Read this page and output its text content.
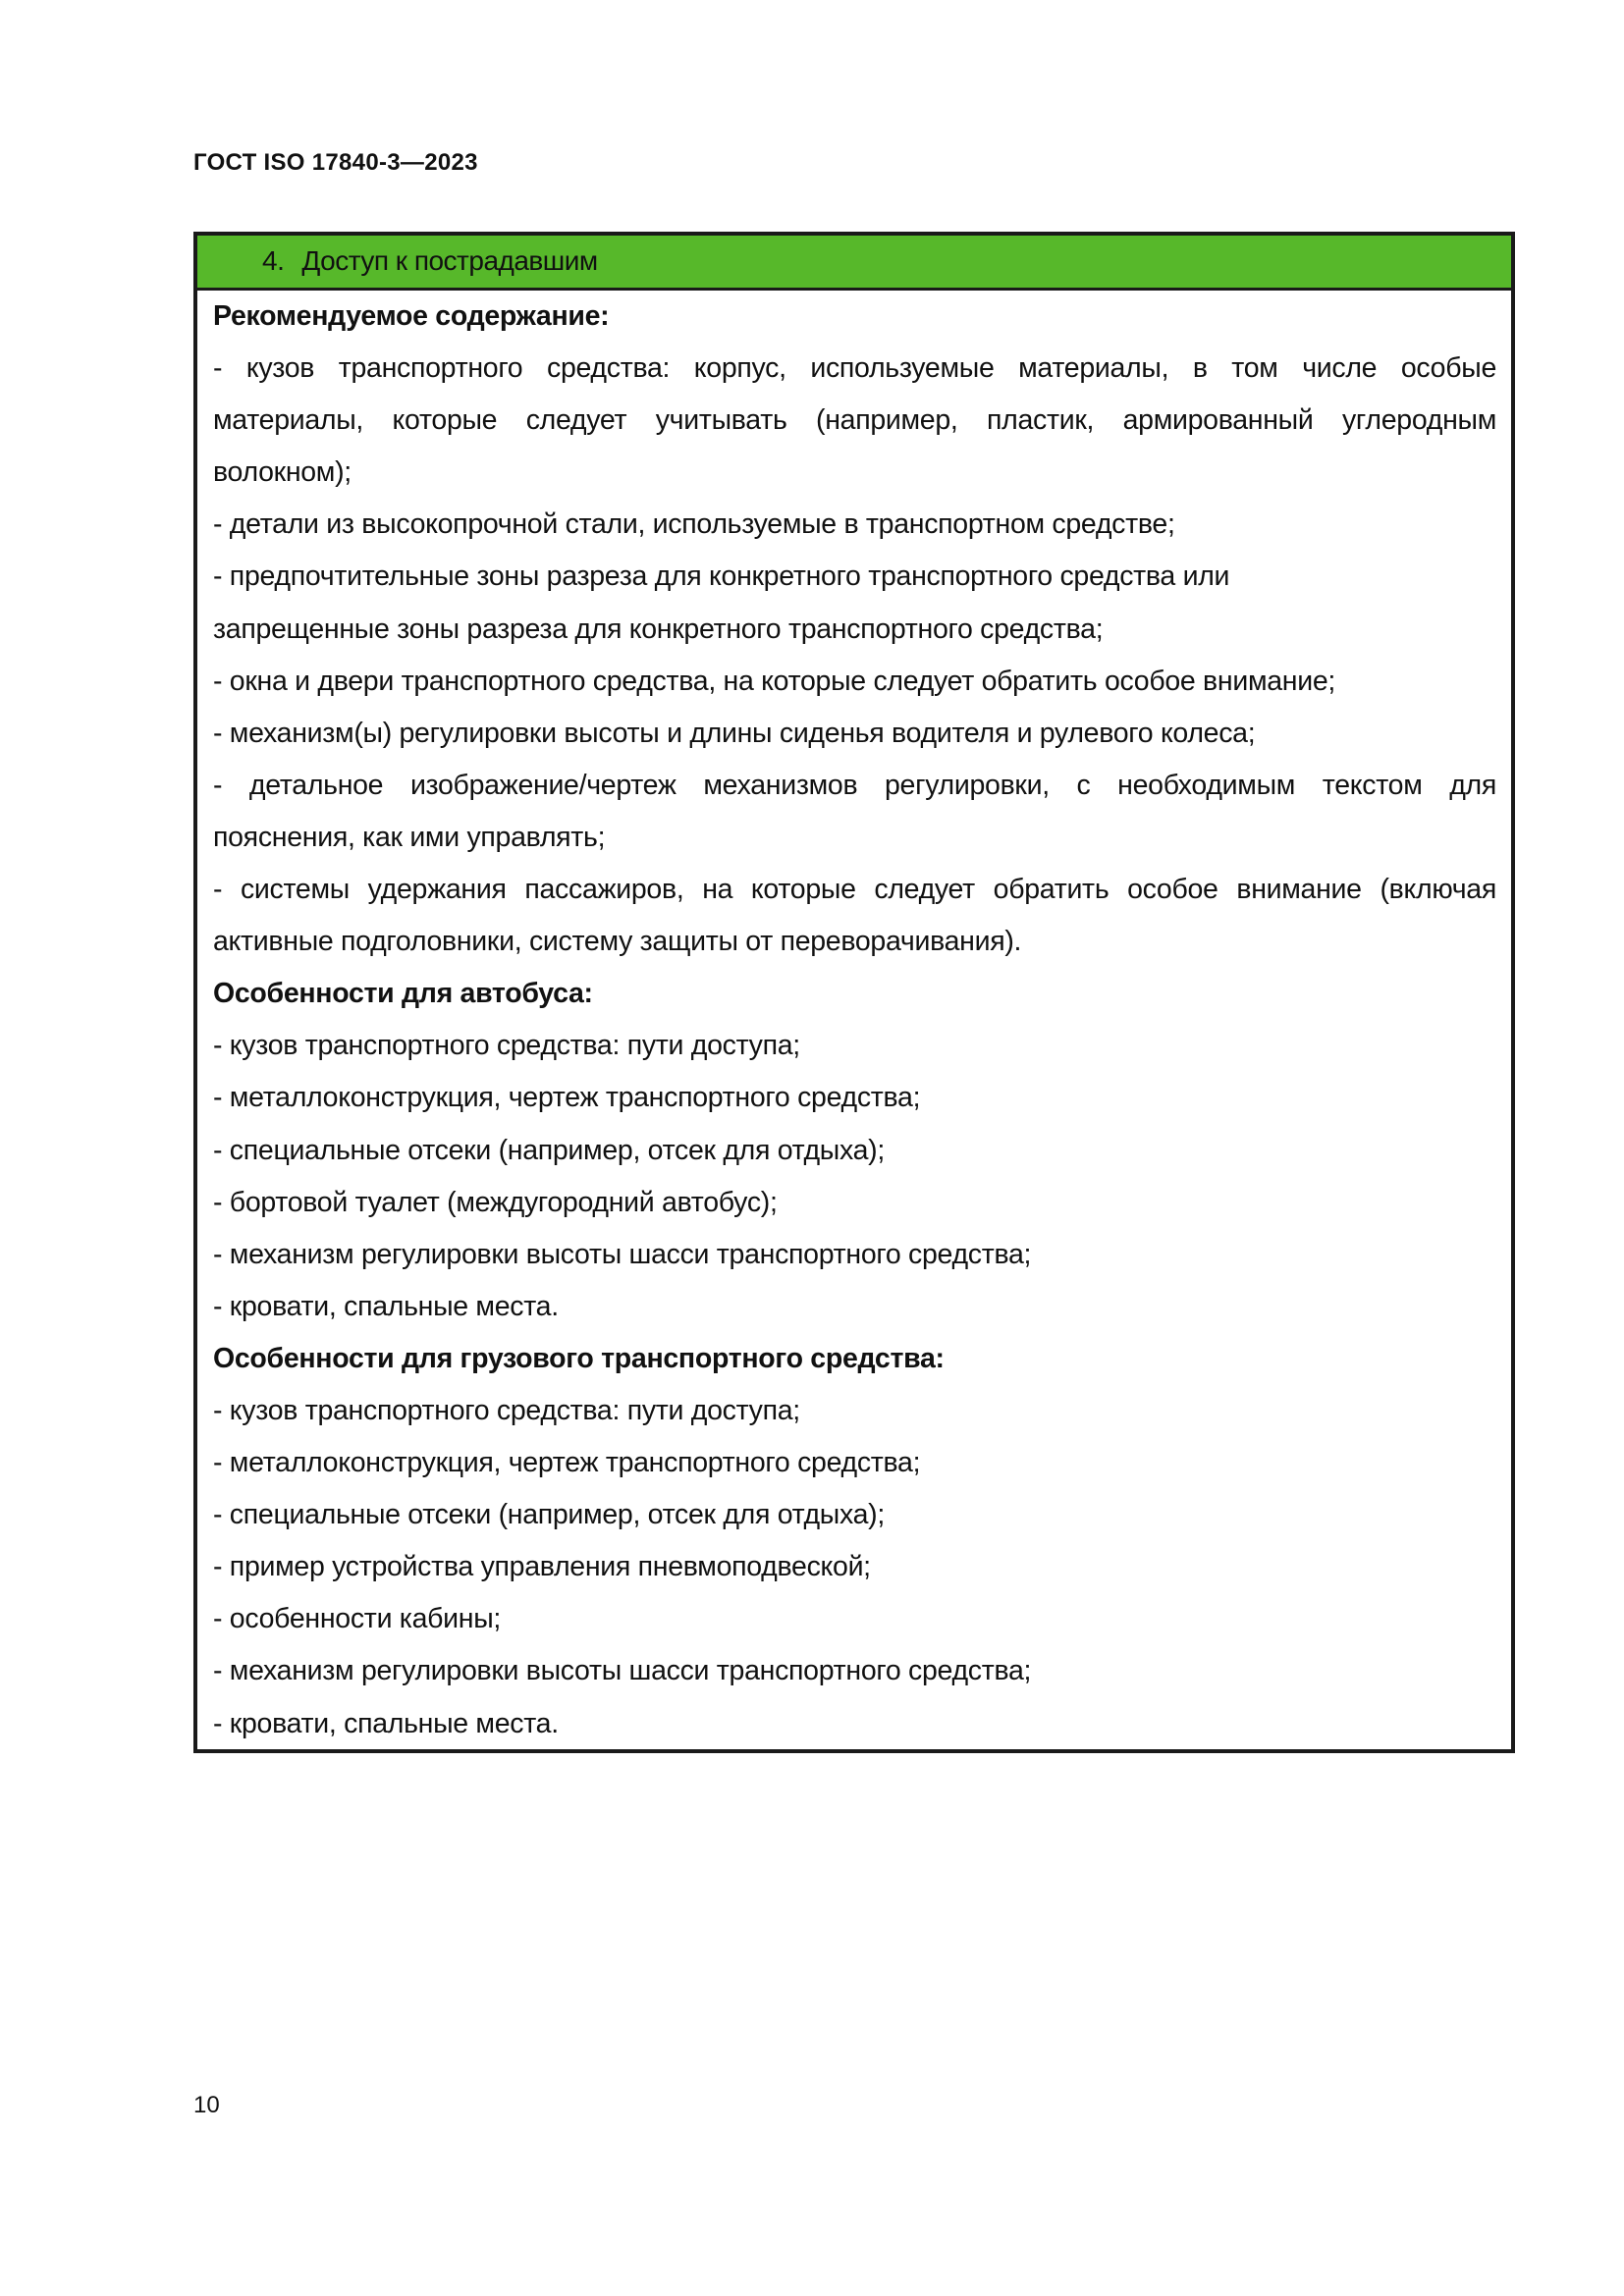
ГОСТ ISO 17840-3—2023
4. Доступ к пострадавшим
Рекомендуемое содержание:
- кузов транспортного средства: корпус, используемые материалы, в том числе особые
материалы, которые следует учитывать (например, пластик, армированный углеродным
волокном);
- детали из высокопрочной стали, используемые в транспортном средстве;
- предпочтительные зоны разреза для конкретного транспортного средства или
запрещенные зоны разреза для конкретного транспортного средства;
- окна и двери транспортного средства, на которые следует обратить особое внимание;
- механизм(ы) регулировки высоты и длины сиденья водителя и рулевого колеса;
- детальное изображение/чертеж механизмов регулировки, с необходимым текстом для
пояснения, как ими управлять;
- системы удержания пассажиров, на которые следует обратить особое внимание (включая
активные подголовники, систему защиты от переворачивания).
Особенности для автобуса:
- кузов транспортного средства: пути доступа;
- металлоконструкция, чертеж транспортного средства;
- специальные отсеки (например, отсек для отдыха);
- бортовой туалет (междугородний автобус);
- механизм регулировки высоты шасси транспортного средства;
- кровати, спальные места.
Особенности для грузового транспортного средства:
- кузов транспортного средства: пути доступа;
- металлоконструкция, чертеж транспортного средства;
- специальные отсеки (например, отсек для отдыха);
- пример устройства управления пневмоподвеской;
- особенности кабины;
- механизм регулировки высоты шасси транспортного средства;
- кровати, спальные места.
10
